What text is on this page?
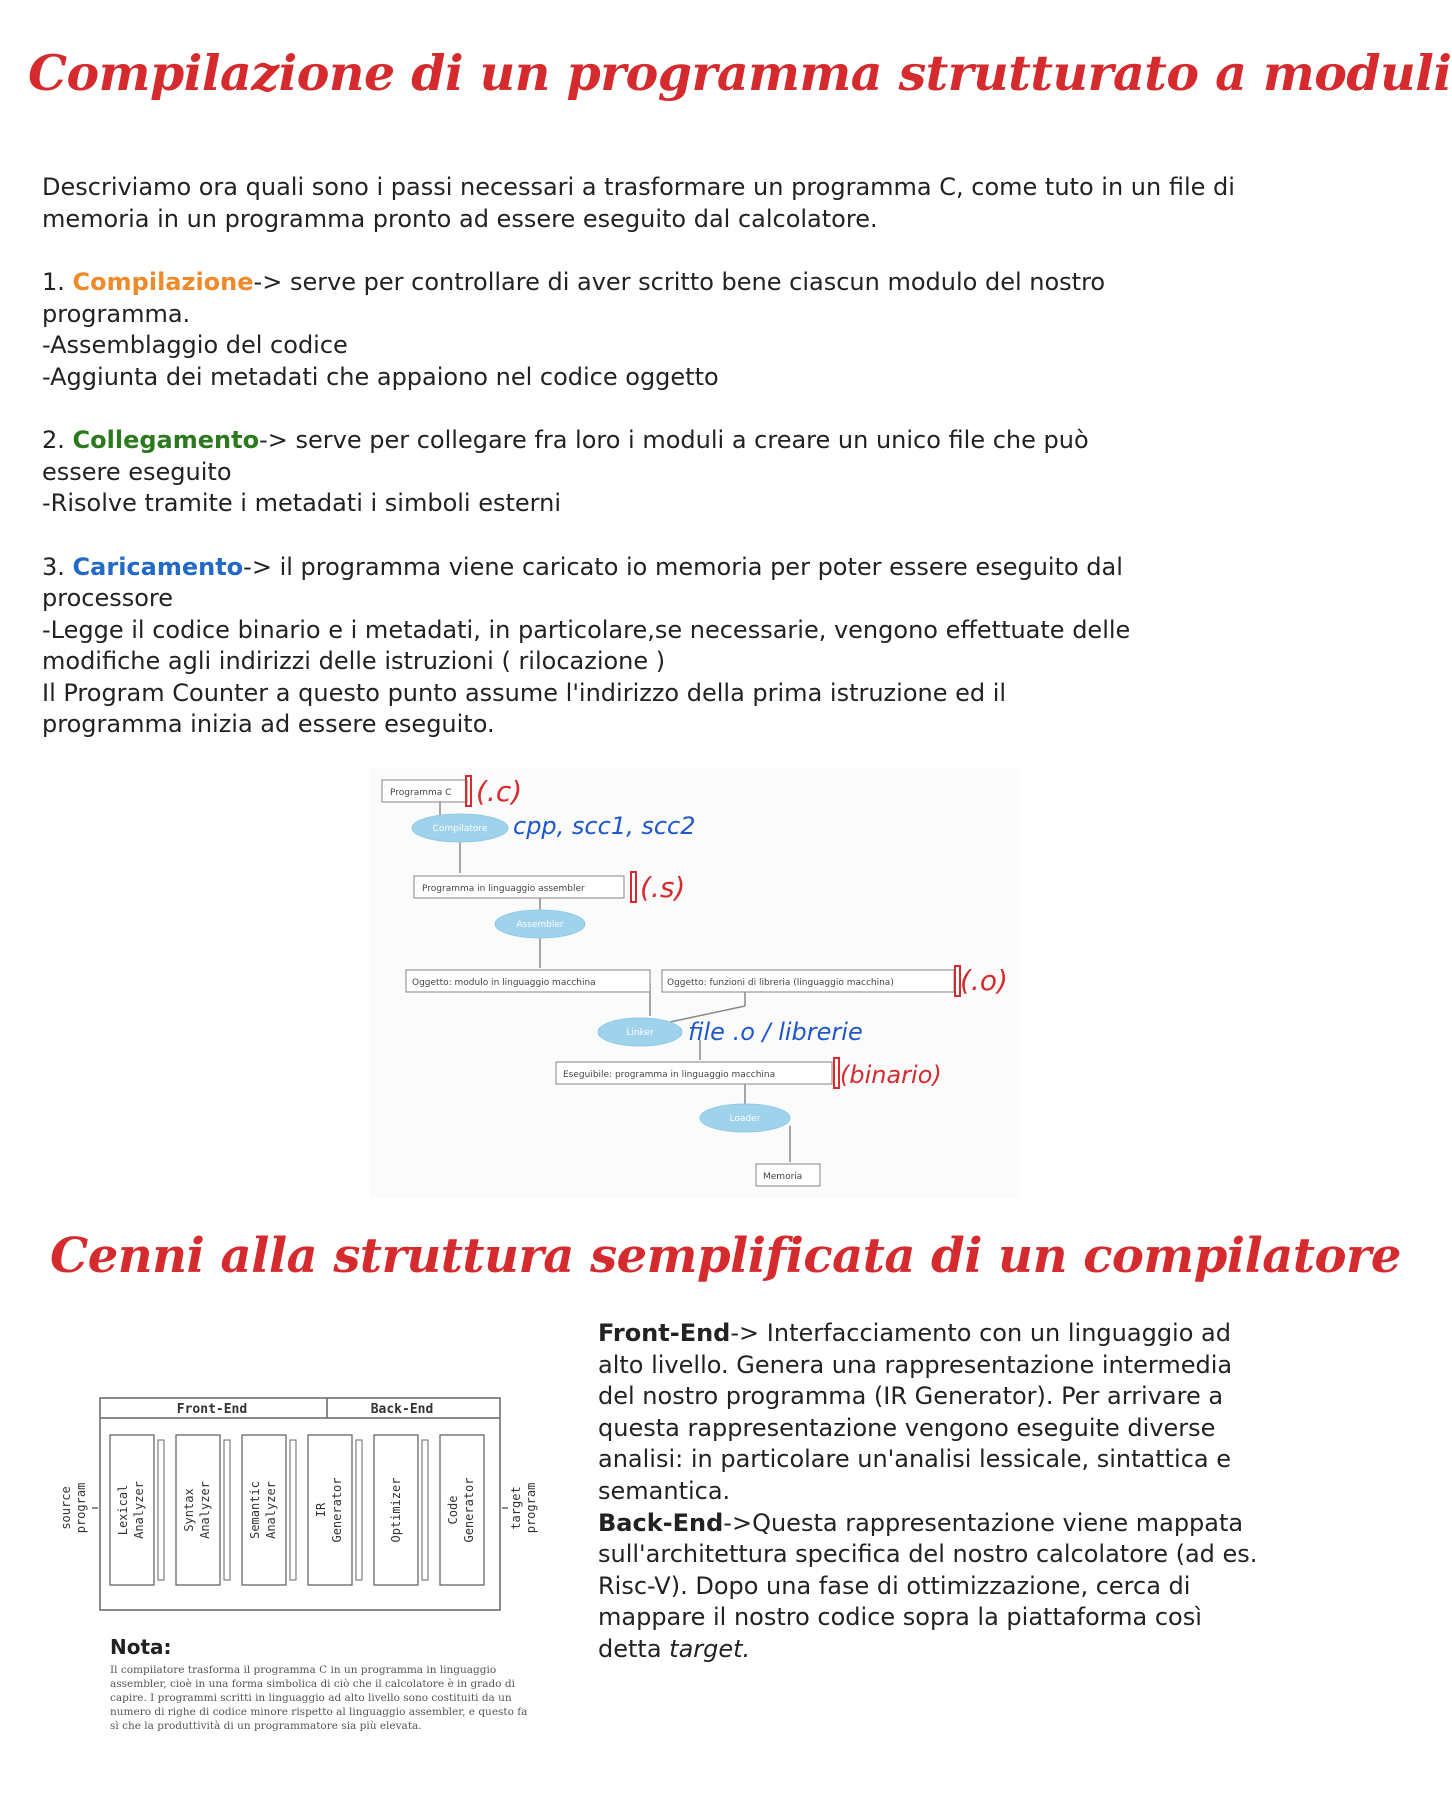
Compilazione di un programma strutturato a moduli

Descriviamo ora quali sono i passi necessari a trasformare un programma C, come tuto in un file di memoria in un programma pronto ad essere eseguito dal calcolatore.

1. Compilazione-> serve per controllare di aver scritto bene ciascun modulo del nostro
programma.

-Assemblaggio del codice

-Aggiunta dei metadati che appaiono nel codice oggetto

2. Collegamento-> serve per collegare fra loro i moduli a creare un unico file che può
essere eseguito

-Risolve tramite i metadati i simboli esterni

3. Caricamento-> il programma viene caricato io memoria per poter essere eseguito dal
processore

-Legge il codice binario e i metadati, in particolare,se necessarie, vengono effettuate delle

modifiche agli indirizzi delle istruzioni ( rilocazione )

Il Program Counter a questo punto assume l'indirizzo della prima istruzione ed il

programma inizia ad essere eseguito.

Programma C
Programma in linguaggio assembler
Oggetto: modulo in linguaggio macchina	Oggetto: funzioni di libreria (linguaggio macchina)
Eseguibile: programma in linguaggio macchina
Memoria
Compilatore
Assembler
Linker
Loader
(.c)
(.s)
(.o)
(binario)
cpp, scc1, scc2
file .o / librerie
Cenni alla struttura semplificata di un compilatore
Front-End	Back-End
source program Lexical Analyzer	Syntax Analyzer	Semantic Analyzer	IR Generator	Optimizer	Code Generator	target program

Nota:

Il compilatore trasforma il programma C in un programma in linguaggio assembler, cioè in una forma simbolica di ciò che il calcolatore è in grado di capire. I programmi scritti in linguaggio ad alto livello sono costituiti da un numero di righe di codice minore rispetto al linguaggio assembler, e questo fa sì che la produttività di un programmatore sia più elevata.

Front-End-> Interfacciamento con un linguaggio ad alto livello. Genera una rappresentazione intermedia del nostro programma (IR Generator). Per arrivare a questa rappresentazione vengono eseguite diverse analisi: in particolare un'analisi lessicale, sintattica e semantica.

Back-End->Questa rappresentazione viene mappata sull'architettura specifica del nostro calcolatore (ad es. Risc-V). Dopo una fase di ottimizzazione, cerca di mappare il nostro codice sopra la piattaforma così detta target.
